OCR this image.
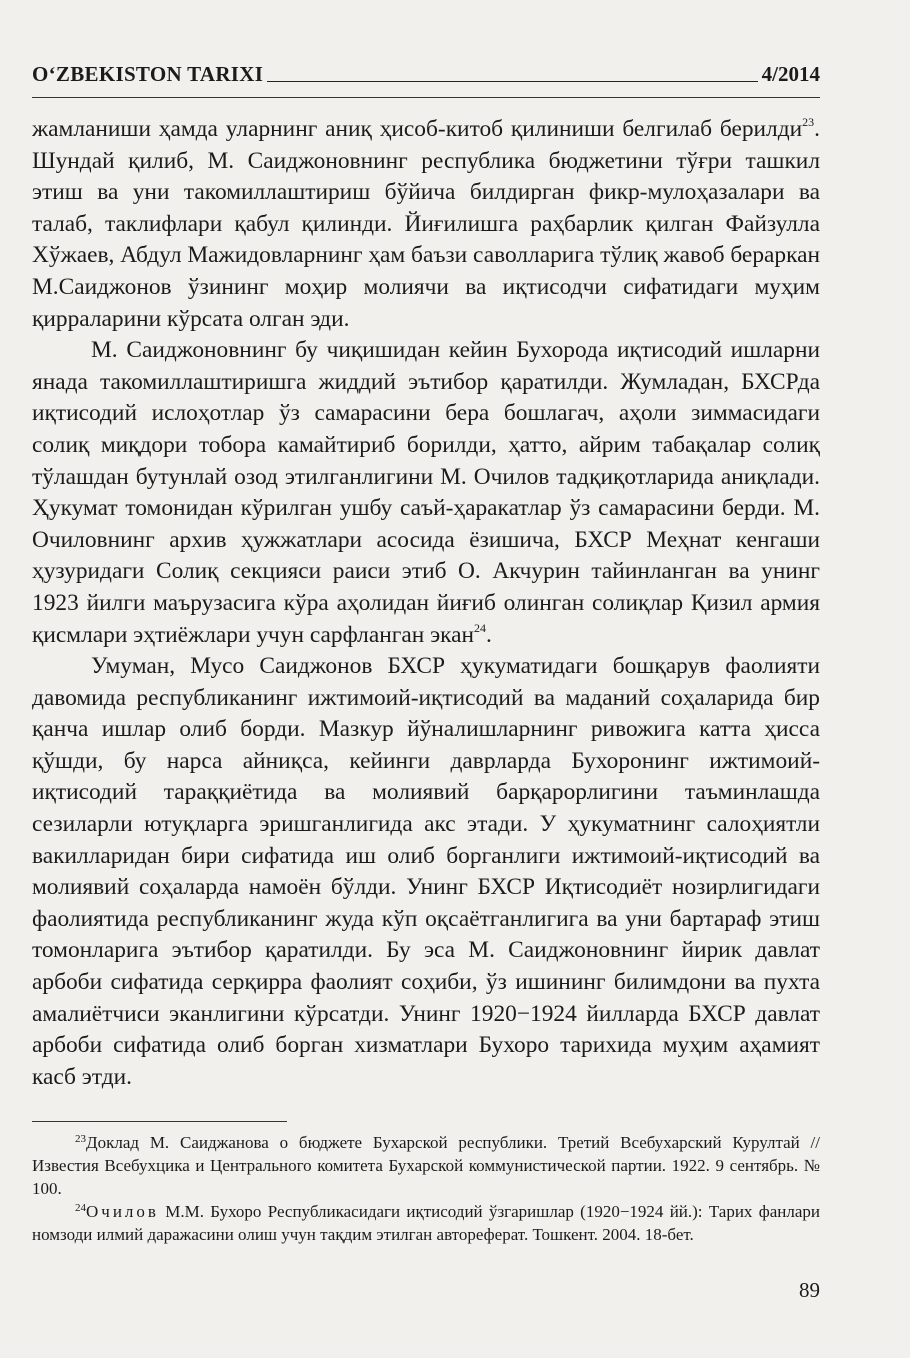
O‘ZBEKISTON TARIXI	4/2014

жамланиши ҳамда уларнинг аниқ ҳисоб-китоб қилиниши белгилаб берилди$^{23}$. Шундай қилиб, М. Саиджоновнинг республика бюджетини тўғри ташкил этиш ва уни такомиллаштириш бўйича билдирган фикр-мулоҳазалари ва талаб, таклифлари қабул қилинди. Йиғилишга раҳбарлик қилган Файзулла Хўжаев, Абдул Мажидовларнинг ҳам баъзи саволларига тўлиқ жавоб бераркан М.Саиджонов ўзининг моҳир молиячи ва иқтисодчи сифатидаги муҳим қирраларини кўрсата олган эди.

М. Саиджоновнинг бу чиқишидан кейин Бухорода иқтисодий ишларни янада такомиллаштиришга жиддий эътибор қаратилди. Жумладан, БХСРда иқтисодий ислоҳотлар ўз самарасини бера бошлагач, аҳоли зиммасидаги солиқ миқдори тобора камайтириб борилди, ҳатто, айрим табақалар солиқ тўлашдан бутунлай озод этилганлигини М. Очилов тадқиқотларида аниқлади. Ҳукумат томонидан кўрилган ушбу саъй-ҳаракатлар ўз самарасини берди. М. Очиловнинг архив ҳужжатлари асосида ёзишича, БХСР Меҳнат кенгаши ҳузуридаги Солиқ секцияси раиси этиб О. Акчурин тайинланган ва унинг 1923 йилги маърузасига кўра аҳолидан йиғиб олинган солиқлар Қизил армия қисмлари эҳтиёжлари учун сарфланган экан$^{24}$.

Умуман, Мусо Саиджонов БХСР ҳукуматидаги бошқарув фаолияти давомида республиканинг ижтимоий-иқтисодий ва маданий соҳаларида бир қанча ишлар олиб борди. Мазкур йўналишларнинг ривожига катта ҳисса қўшди, бу нарса айниқса, кейинги даврларда Бухоронинг ижтимоий-иқтисодий тараққиётида ва молиявий барқарорлигини таъминлашда сезиларли ютуқларга эришганлигида акс этади. У ҳукуматнинг салоҳиятли вакилларидан бири сифатида иш олиб борганлиги ижтимоий-иқтисодий ва молиявий соҳаларда намоён бўлди. Унинг БХСР Иқтисодиёт нозирлигидаги фаолиятида республиканинг жуда кўп оқсаётганлигига ва уни бартараф этиш томонларига эътибор қаратилди. Бу эса М. Саиджоновнинг йирик давлат арбоби сифатида серқирра фаолият соҳиби, ўз ишининг билимдони ва пухта амалиётчиси эканлигини кўрсатди. Унинг 1920−1924 йилларда БХСР давлат арбоби сифатида олиб борган хизматлари Бухоро тарихида муҳим аҳамият касб этди.

$^{23}$Доклад М. Саиджанова о бюджете Бухарской республики. Третий Всебухарский Курултай // Известия Всебухцика и Центрального комитета Бухарской коммунистической партии. 1922. 9 сентябрь. № 100.

$^{24}$Очилов М.М. Бухоро Республикасидаги иқтисодий ўзгаришлар (1920−1924 йй.): Тарих фанлари номзоди илмий даражасини олиш учун тақдим этилган автореферат. Тошкент. 2004. 18-бет.

89
